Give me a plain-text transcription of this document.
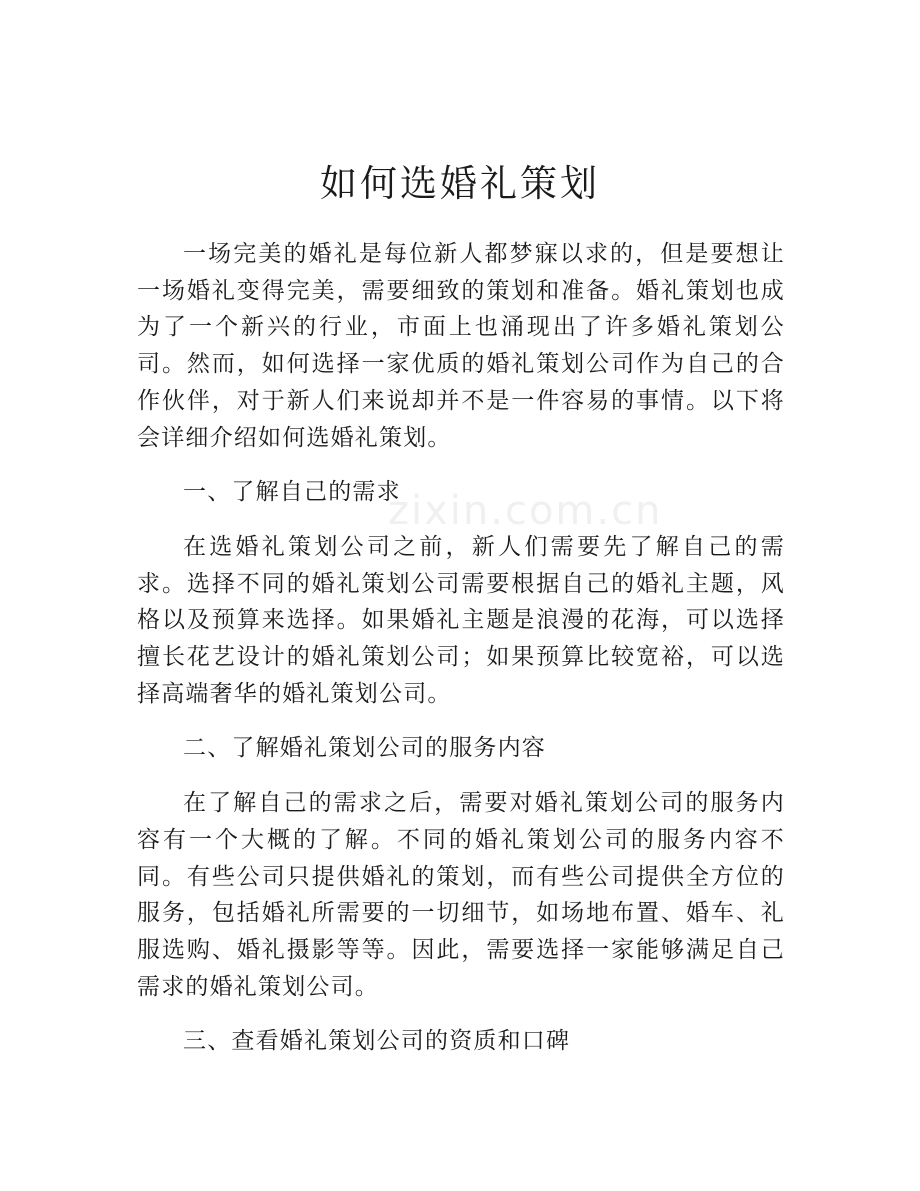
如何选婚礼策划
zixin.com.cn

一场完美的婚礼是每位新人都梦寐以求的，但是要想让一场婚礼变得完美，需要细致的策划和准备。婚礼策划也成为了一个新兴的行业，市面上也涌现出了许多婚礼策划公司。然而，如何选择一家优质的婚礼策划公司作为自己的合作伙伴，对于新人们来说却并不是一件容易的事情。以下将会详细介绍如何选婚礼策划。

一、了解自己的需求

在选婚礼策划公司之前，新人们需要先了解自己的需求。选择不同的婚礼策划公司需要根据自己的婚礼主题，风格以及预算来选择。如果婚礼主题是浪漫的花海，可以选择擅长花艺设计的婚礼策划公司；如果预算比较宽裕，可以选择高端奢华的婚礼策划公司。

二、了解婚礼策划公司的服务内容

在了解自己的需求之后，需要对婚礼策划公司的服务内容有一个大概的了解。不同的婚礼策划公司的服务内容不同。有些公司只提供婚礼的策划，而有些公司提供全方位的服务，包括婚礼所需要的一切细节，如场地布置、婚车、礼服选购、婚礼摄影等等。因此，需要选择一家能够满足自己需求的婚礼策划公司。

三、查看婚礼策划公司的资质和口碑
